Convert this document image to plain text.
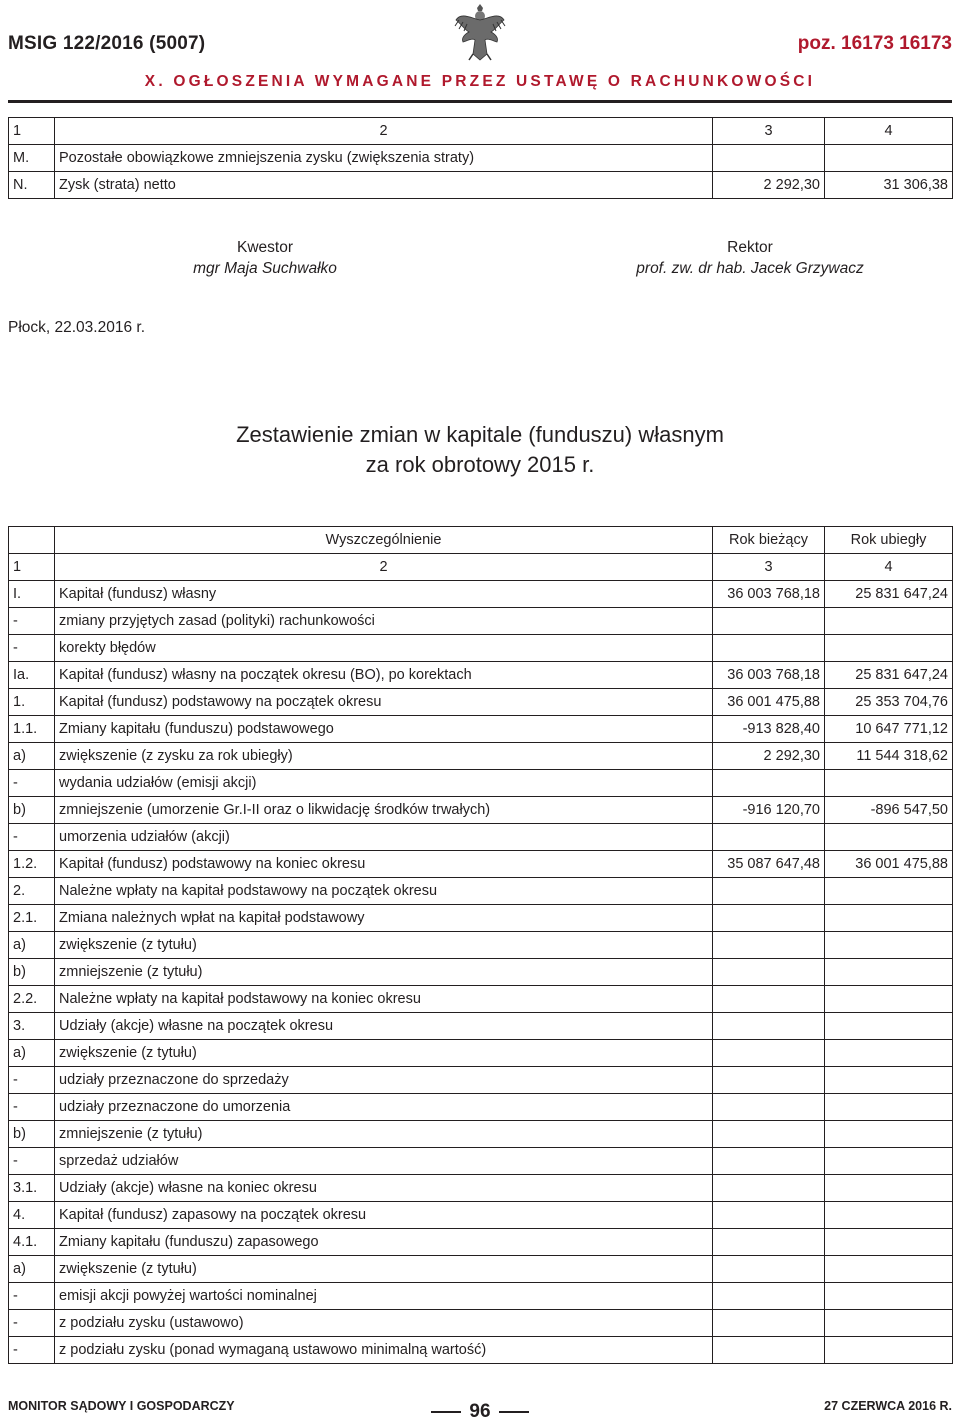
MSIG 122/2016 (5007)	poz. 16173 16173
X. OGŁOSZENIA WYMAGANE PRZEZ USTAWĘ O RACHUNKOWOŚCI
1	2	3	4
M.	Pozostałe obowiązkowe zmniejszenia zysku (zwiększenia straty)		
N.	Zysk (strata) netto	2 292,30	31 306,38
Kwestor
mgr Maja Suchwałko
Rektor
prof. zw. dr hab. Jacek Grzywacz
Płock, 22.03.2016 r.
Zestawienie zmian w kapitale (funduszu) własnym
za rok obrotowy 2015 r.
	Wyszczególnienie	Rok bieżący	Rok ubiegły
1	2	3	4
I.	Kapitał (fundusz) własny	36 003 768,18	25 831 647,24
-	zmiany przyjętych zasad (polityki) rachunkowości		
-	korekty błędów		
Ia.	Kapitał (fundusz) własny na początek okresu (BO), po korektach	36 003 768,18	25 831 647,24
1.	Kapitał (fundusz) podstawowy na początek okresu	36 001 475,88	25 353 704,76
1.1.	Zmiany kapitału (funduszu) podstawowego	-913 828,40	10 647 771,12
a)	zwiększenie (z zysku za rok ubiegły)	2 292,30	11 544 318,62
-	wydania udziałów (emisji akcji)		
b)	zmniejszenie (umorzenie Gr.I-II oraz o likwidację środków trwałych)	-916 120,70	-896 547,50
-	umorzenia udziałów (akcji)		
1.2.	Kapitał (fundusz) podstawowy na koniec okresu	35 087 647,48	36 001 475,88
2.	Należne wpłaty na kapitał podstawowy na początek okresu		
2.1.	Zmiana należnych wpłat na kapitał podstawowy		
a)	zwiększenie (z tytułu)		
b)	zmniejszenie (z tytułu)		
2.2.	Należne wpłaty na kapitał podstawowy na koniec okresu		
3.	Udziały (akcje) własne na początek okresu		
a)	zwiększenie (z tytułu)		
-	udziały przeznaczone do sprzedaży		
-	udziały przeznaczone do umorzenia		
b)	zmniejszenie (z tytułu)		
-	sprzedaż udziałów		
3.1.	Udziały (akcje) własne na koniec okresu		
4.	Kapitał (fundusz) zapasowy na początek okresu		
4.1.	Zmiany kapitału (funduszu) zapasowego		
a)	zwiększenie (z tytułu)		
-	emisji akcji powyżej wartości nominalnej		
-	z podziału zysku (ustawowo)		
-	z podziału zysku (ponad wymaganą ustawowo minimalną wartość)		
MONITOR SĄDOWY I GOSPODARCZY	96	27 CZERWCA 2016 R.
